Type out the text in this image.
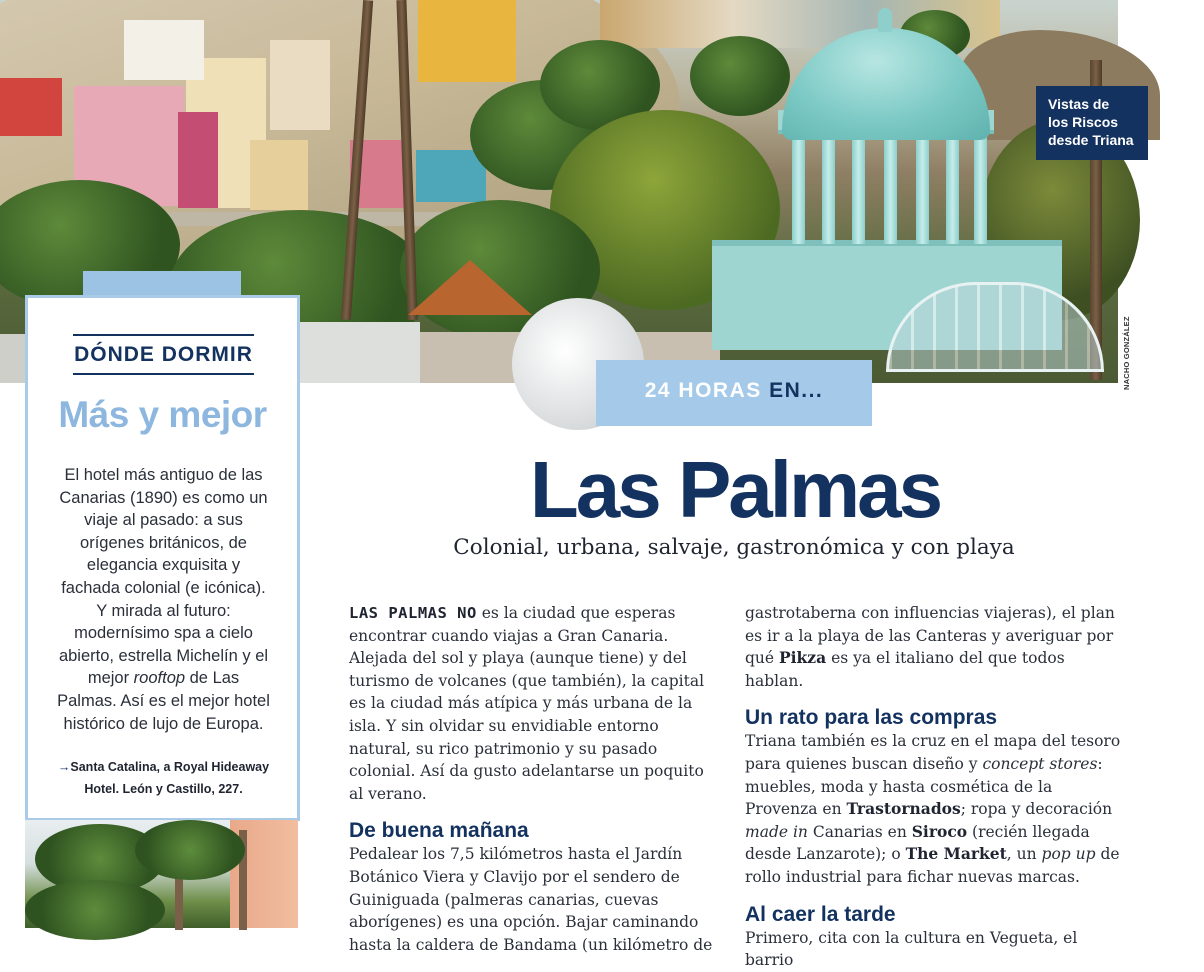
Vistas de
los Riscos
desde Triana
NACHO GONZÁLEZ
DÓNDE DORMIR
Más y mejor
El hotel más antiguo de las Canarias (1890) es como un viaje al pasado: a sus orígenes británicos, de elegancia exquisita y fachada colonial (e icónica). Y mirada al futuro: modernísimo spa a cielo abierto, estrella Michelín y el mejor rooftop de Las Palmas. Así es el mejor hotel histórico de lujo de Europa.
→Santa Catalina, a Royal Hideaway Hotel. León y Castillo, 227.
24 HORAS EN...
Las Palmas
Colonial, urbana, salvaje, gastronómica y con playa

LAS PALMAS NO es la ciudad que esperas encontrar cuando viajas a Gran Canaria. Alejada del sol y playa (aunque tiene) y del turismo de volcanes (que también), la capital es la ciudad más atípica y más urbana de la isla. Y sin olvidar su envidiable entorno natural, su rico patrimonio y su pasado colonial. Así da gusto adelantarse un poquito al verano.

De buena mañana

Pedalear los 7,5 kilómetros hasta el Jardín Botánico Viera y Clavijo por el sendero de Guiniguada (palmeras canarias, cuevas aborígenes) es una opción. Bajar caminando hasta la caldera de Bandama (un kilómetro de

gastrotaberna con influencias viajeras), el plan es ir a la playa de las Canteras y averiguar por qué Pikza es ya el italiano del que todos hablan.

Un rato para las compras

Triana también es la cruz en el mapa del tesoro para quienes buscan diseño y concept stores: muebles, moda y hasta cosmética de la Provenza en Trastornados; ropa y decoración made in Canarias en Siroco (recién llegada desde Lanzarote); o The Market, un pop up de rollo industrial para fichar nuevas marcas.

Al caer la tarde

Primero, cita con la cultura en Vegueta, el barrio
